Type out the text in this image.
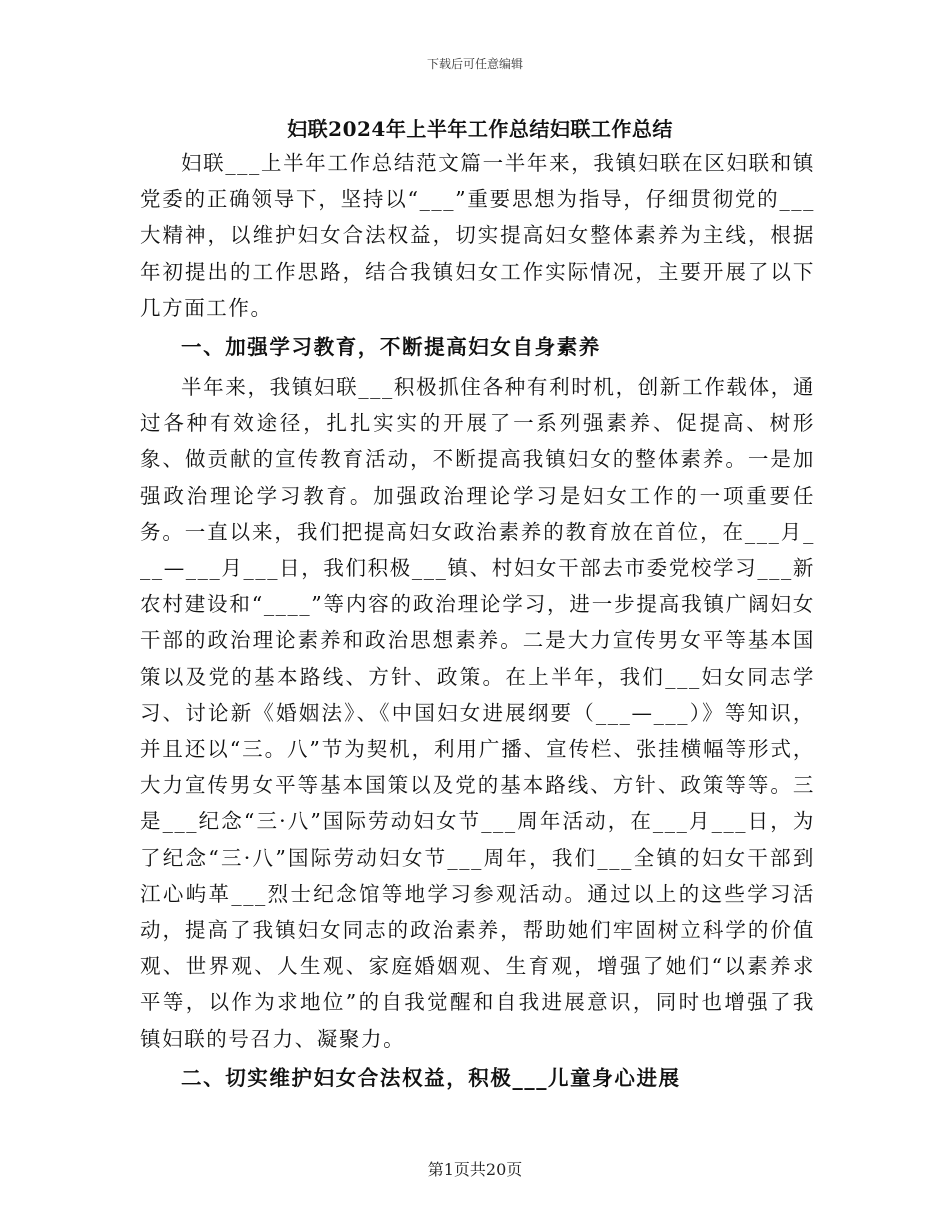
下载后可任意编辑
妇联2024年上半年工作总结妇联工作总结

妇联___上半年工作总结范文篇一半年来，我镇妇联在区妇联和镇党委的正确领导下，坚持以“___”重要思想为指导，仔细贯彻党的___大精神，以维护妇女合法权益，切实提高妇女整体素养为主线，根据年初提出的工作思路，结合我镇妇女工作实际情况，主要开展了以下几方面工作。

一、加强学习教育，不断提高妇女自身素养

半年来，我镇妇联___积极抓住各种有利时机，创新工作载体，通过各种有效途径，扎扎实实的开展了一系列强素养、促提高、树形象、做贡献的宣传教育活动，不断提高我镇妇女的整体素养。一是加强政治理论学习教育。加强政治理论学习是妇女工作的一项重要任务。一直以来，我们把提高妇女政治素养的教育放在首位，在___月___—___月___日，我们积极___镇、村妇女干部去市委党校学习___新农村建设和“____”等内容的政治理论学习，进一步提高我镇广阔妇女干部的政治理论素养和政治思想素养。二是大力宣传男女平等基本国策以及党的基本路线、方针、政策。在上半年，我们___妇女同志学习、讨论新《婚姻法》、《中国妇女进展纲要（___—___）》等知识，并且还以“三。八”节为契机，利用广播、宣传栏、张挂横幅等形式，大力宣传男女平等基本国策以及党的基本路线、方针、政策等等。三是___纪念“三·八”国际劳动妇女节___周年活动，在___月___日，为了纪念“三·八”国际劳动妇女节___周年，我们___全镇的妇女干部到江心屿革___烈士纪念馆等地学习参观活动。通过以上的这些学习活动，提高了我镇妇女同志的政治素养，帮助她们牢固树立科学的价值观、世界观、人生观、家庭婚姻观、生育观，增强了她们“以素养求平等，以作为求地位”的自我觉醒和自我进展意识，同时也增强了我镇妇联的号召力、凝聚力。

二、切实维护妇女合法权益，积极___儿童身心进展
第1页共20页
